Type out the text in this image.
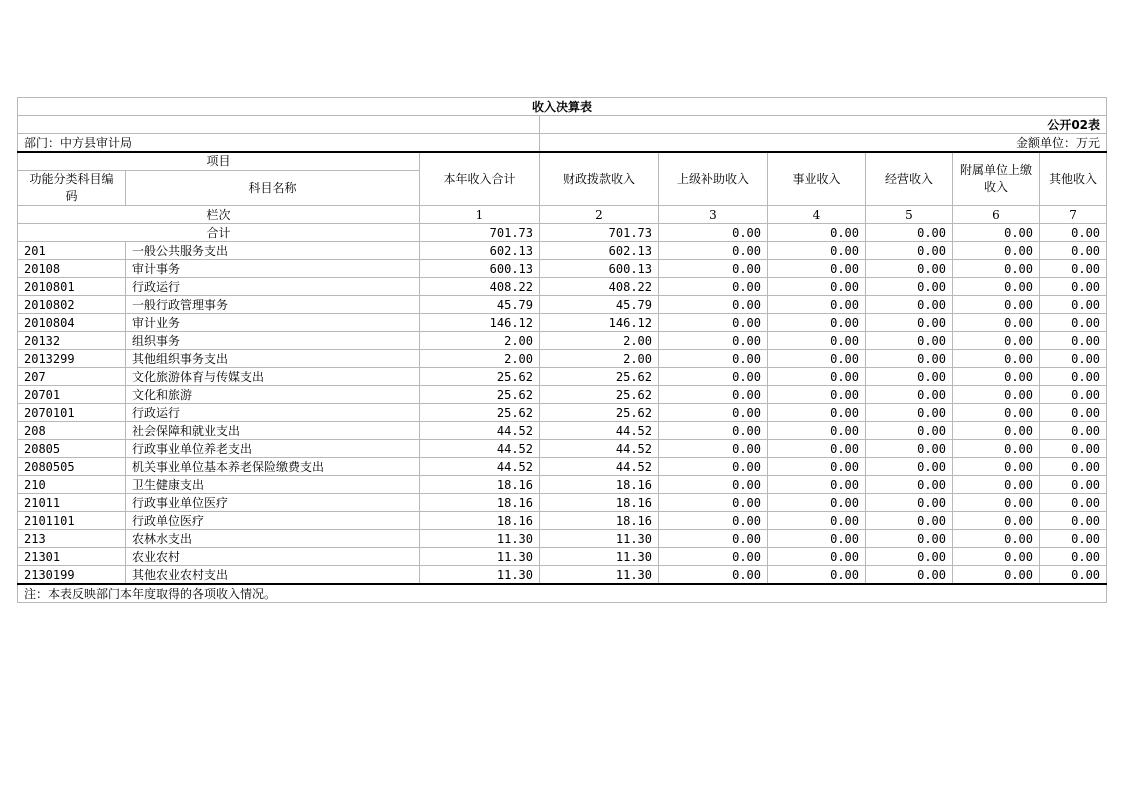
收入决算表								
			公开02表					
部门：中方县审计局			金额单位：万元					
项目		本年收入合计	财政拨款收入	上级补助收入	事业收入	经营收入	附属单位上缴收入	其他收入
功能分类科目编码	科目名称							
栏次		1	2	3	4	5	6	7
合计		701.73	701.73	0.00	0.00	0.00	0.00	0.00
201	一般公共服务支出	602.13	602.13	0.00	0.00	0.00	0.00	0.00
20108	审计事务	600.13	600.13	0.00	0.00	0.00	0.00	0.00
2010801	行政运行	408.22	408.22	0.00	0.00	0.00	0.00	0.00
2010802	一般行政管理事务	45.79	45.79	0.00	0.00	0.00	0.00	0.00
2010804	审计业务	146.12	146.12	0.00	0.00	0.00	0.00	0.00
20132	组织事务	2.00	2.00	0.00	0.00	0.00	0.00	0.00
2013299	其他组织事务支出	2.00	2.00	0.00	0.00	0.00	0.00	0.00
207	文化旅游体育与传媒支出	25.62	25.62	0.00	0.00	0.00	0.00	0.00
20701	文化和旅游	25.62	25.62	0.00	0.00	0.00	0.00	0.00
2070101	行政运行	25.62	25.62	0.00	0.00	0.00	0.00	0.00
208	社会保障和就业支出	44.52	44.52	0.00	0.00	0.00	0.00	0.00
20805	行政事业单位养老支出	44.52	44.52	0.00	0.00	0.00	0.00	0.00
2080505	机关事业单位基本养老保险缴费支出	44.52	44.52	0.00	0.00	0.00	0.00	0.00
210	卫生健康支出	18.16	18.16	0.00	0.00	0.00	0.00	0.00
21011	行政事业单位医疗	18.16	18.16	0.00	0.00	0.00	0.00	0.00
2101101	行政单位医疗	18.16	18.16	0.00	0.00	0.00	0.00	0.00
213	农林水支出	11.30	11.30	0.00	0.00	0.00	0.00	0.00
21301	农业农村	11.30	11.30	0.00	0.00	0.00	0.00	0.00
2130199	其他农业农村支出	11.30	11.30	0.00	0.00	0.00	0.00	0.00
注：本表反映部门本年度取得的各项收入情况。								
